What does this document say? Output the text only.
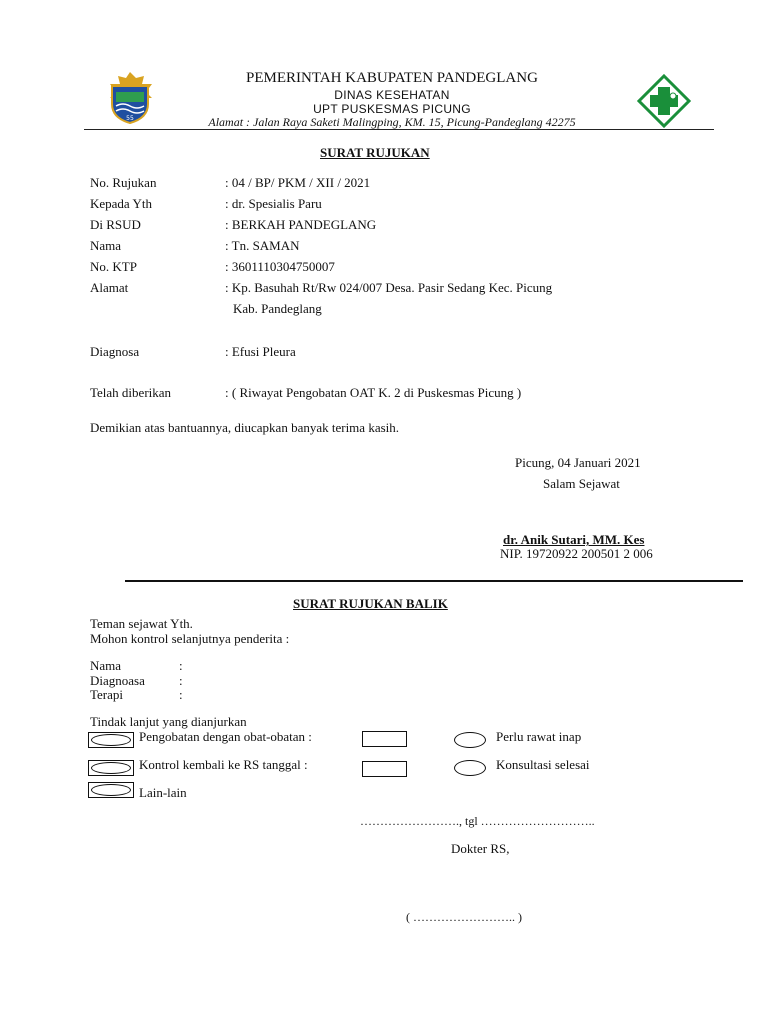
55
PEMERINTAH KABUPATEN PANDEGLANG
DINAS KESEHATAN
UPT PUSKESMAS PICUNG
Alamat : Jalan Raya Saketi Malingping, KM. 15, Picung-Pandeglang 42275
SURAT RUJUKAN
No. Rujukan	: 04 / BP/ PKM / XII / 2021
Kepada Yth	: dr. Spesialis Paru
Di RSUD	: BERKAH PANDEGLANG
Nama	: Tn. SAMAN
No. KTP	: 3601110304750007
Alamat	: Kp. Basuhah Rt/Rw 024/007 Desa. Pasir Sedang Kec. Picung
Kab. Pandeglang
Diagnosa	: Efusi Pleura
Telah diberikan	: ( Riwayat Pengobatan OAT K. 2 di Puskesmas Picung )
Demikian atas bantuannya, diucapkan banyak terima kasih.
Picung, 04 Januari 2021
Salam Sejawat
dr. Anik Sutari, MM. Kes
NIP. 19720922 200501 2 006
SURAT RUJUKAN BALIK
Teman sejawat Yth.
Mohon kontrol selanjutnya penderita :
Nama	:
Diagnoasa	:
Terapi	:
Tindak lanjut yang dianjurkan
Pengobatan dengan obat-obatan :
Kontrol kembali ke RS tanggal :
Lain-lain
Perlu rawat inap
Konsultasi selesai
……………………., tgl ………………………..
Dokter RS,
( …………………….. )
